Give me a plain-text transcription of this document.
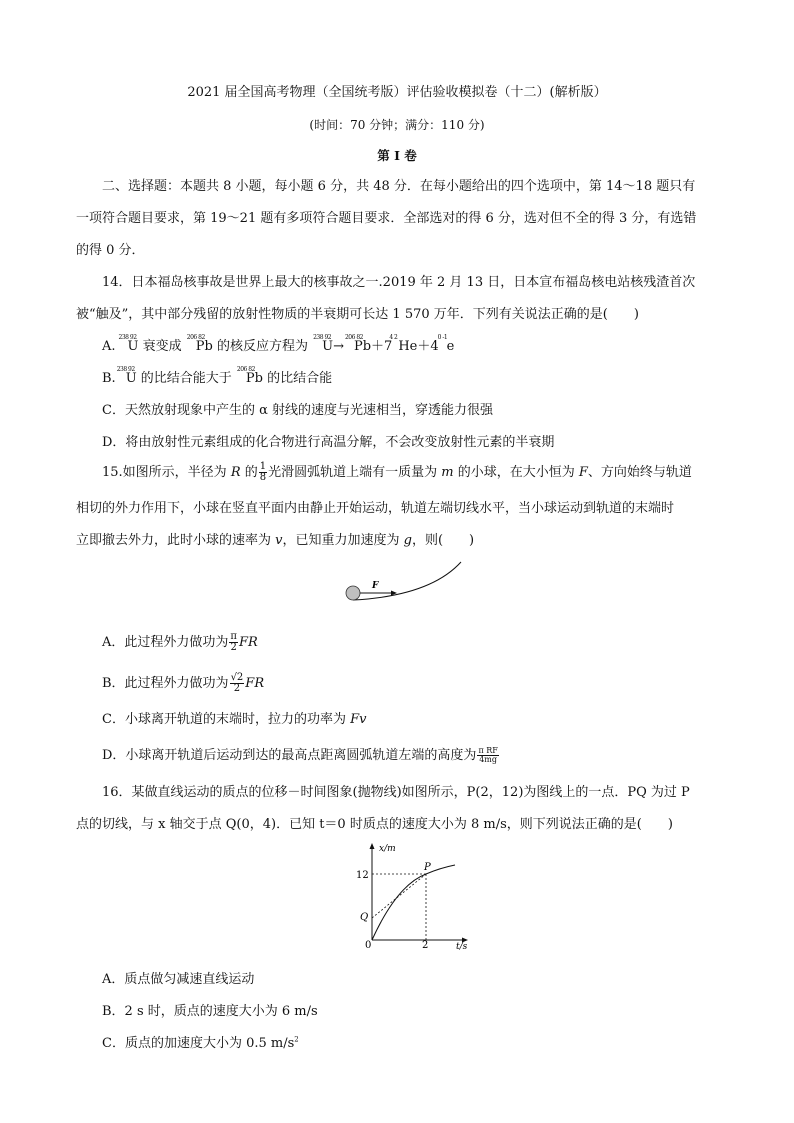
2021 届全国高考物理（全国统考版）评估验收模拟卷（十二）(解析版）
(时间：70 分钟；满分：110 分)
第 I 卷
二、选择题：本题共 8 小题，每小题 6 分，共 48 分．在每小题给出的四个选项中，第 14～18 题只有
一项符合题目要求，第 19～21 题有多项符合题目要求．全部选对的得 6 分，选对但不全的得 3 分，有选错
的得 0 分．
14．日本福岛核事故是世界上最大的核事故之一.2019 年 2 月 13 日，日本宣布福岛核电站核残渣首次
被“触及”，其中部分残留的放射性物质的半衰期可长达 1 570 万年．下列有关说法正确的是(　　)
A.
238 92
U 衰变成
206 82
Pb 的核反应方程为
238 92
U→
206 82
Pb＋7
4 2
He＋4
0 -1
e
B.
238 92
U 的比结合能大于
206 82
Pb 的比结合能
C．天然放射现象中产生的 α 射线的速度与光速相当，穿透能力很强
D．将由放射性元素组成的化合物进行高温分解，不会改变放射性元素的半衰期
15.如图所示，半径为 R 的 $\frac{1}{8}$ 光滑圆弧轨道上端有一质量为 m 的小球，在大小恒为 F、方向始终与轨道
相切的外力作用下，小球在竖直平面内由静止开始运动，轨道左端切线水平，当小球运动到轨道的末端时
立即撤去外力，此时小球的速率为 v，已知重力加速度为 g，则(　　)
F
A．此过程外力做功为 $\frac{\pi}{2}$ FR
B．此过程外力做功为 $\frac{√2}{2}$ FR
C．小球离开轨道的末端时，拉力的功率为 Fv
D．小球离开轨道后运动到达的最高点距离圆弧轨道左端的高度为 $\frac{\text{π RF}}{4mg}$
16．某做直线运动的质点的位移－时间图象(抛物线)如图所示，P(2，12)为图线上的一点．PQ 为过 P
点的切线，与 x 轴交于点 Q(0，4)．已知 t＝0 时质点的速度大小为 8 m/s，则下列说法正确的是(　　)
x/m
t/s
12
2
0
P
Q
A．质点做匀减速直线运动
B．2 s 时，质点的速度大小为 6 m/s
C．质点的加速度大小为 0.5 $m/s^2$
